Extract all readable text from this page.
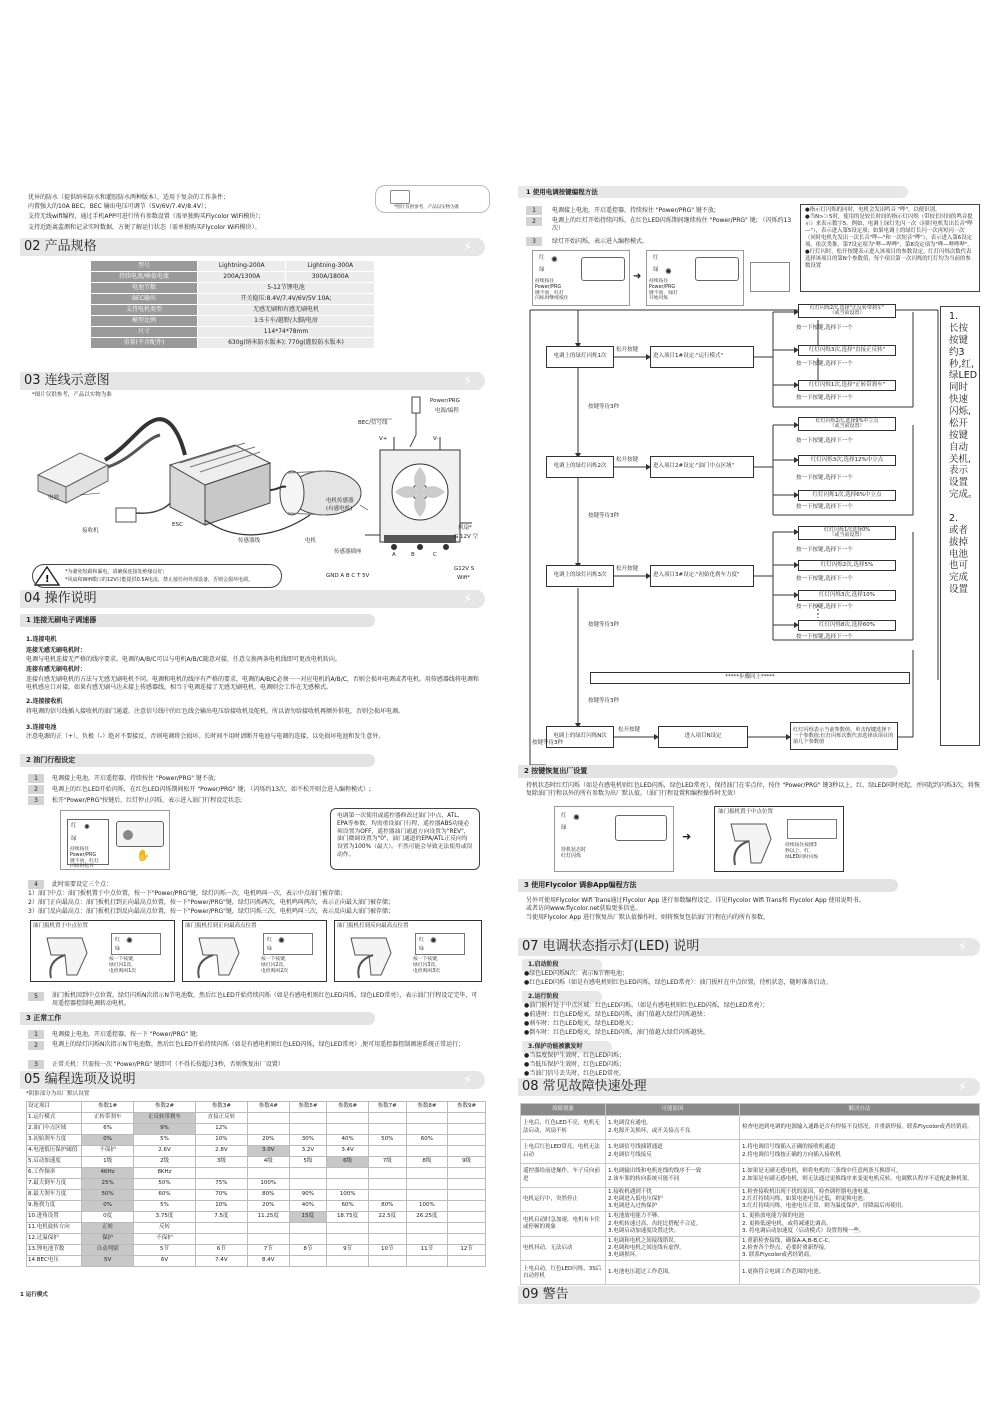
优异的防水（提供纳米防水和灌胶防水两种版本），适用于复杂的工作条件；
内置强大的10A BEC，BEC 输出电压可调节（5V/6V/7.4V/8.4V）；
支持无线wifi编程，通过手机APP可进行所有参数设置（需单独购买Flycolor WiFi模块）；
支持近距离监测和记录实时数据，方便了解运行状态（需单独购买Flycolor WiFi模块）。
*图片仅供参考，产品以实物为准
02 产品规格	⚡
型号	Lightning-200A	Lightning-300A
持续电流/峰值电流	200A/1300A	300A/1800A
电池节数	5-12节锂电池	
BEC输出	开关稳压:8.4V/7.4V/6V/5V 10A;	
支持电机类型	无感无刷和有感无刷电机	
模型比例	1:5卡车/越野/大脚/电房	
尺寸	114*74*78mm	
重量(不含配件)	630g(纳米防水版本); 770g(灌胶防水版本)	
03 连线示意图	⚡
*图片仅供参考，产品以实物为准
Power/PRG
电源/编程
BEC/信号线
V+	V-
电池
接收机
ESC
传感器线	电机
电机传感器
(有感电机)
风扇*
G 12V 空
传感器插座
GND A B C T 5V
A	B	C
G12V S
Wifi*
!
*为避免短路和漏电，请确保连接处绝缘良好;
*风扇和Wifi模口的12V只能提供0.5A电流，禁止接任何外部设备，否则会损坏电调。
04 操作说明	⚡
1 连接无刷电子调速器
1.连接电机
连接无感无刷电机时：
电调与电机连接无严格的线序要求。电调的A/B/C可以与电机A/B/C随意对接，任意交换两条电机线即可更改电机转向。
连接有感无刷电机时：
连接有感无刷电机的方法与无感无刷电机不同。电调和电机的线序有严格的要求，电调的A/B/C必须一一对应电机的A/B/C，否则会损坏电调或者电机。用传感器线将电调和电机感应口对接，如果有感无刷马达未接上传感器线，相当于电调连接了无感无刷电机，电调则会工作在无感模式。
2.连接接收机
将电调的信号线插入接收机的油门通道。注意信号线中的红色线会输出电压给接收机及舵机，所以请勿给接收机再额外供电，否则会损坏电调。
3.连接电池
注意电源的正（+），负极（-）绝对不要接反，否则电调将会损坏。长时间不用时请断开电池与电调的连接，以免损坏电池和发生意外。
2 油门行程设定
1	电调接上电池，开启遥控器，持续按住 "Power/PRG" 键不放;
2	电调上的红色LED开始闪烁，在红色LED闪烁期间松开 "Power/PRG" 键; （闪烁约13次，如不松开则会进入编程模式）;
3	松开"Power/PRG"按键后，红灯停止闪烁，表示进入油门行程设定状态;
红
绿
✺
持续按住
Power/PRG
键不放，红灯
闪烁时松开
✋
电调第一次使用或遥控器修改过油门中点、ATL、EPA等参数，均需重设油门行程，遥控器ABS功能必须设置为OFF，遥控器油门通道方向设置为"REV"，油门微调设置为"0"，油门通道的EPA/ATL正反向均设置为100%（最大）。不然可能会导致无法使用或误动作。
4	此时需要设定三个点：
1）油门中点：油门扳机置于中点位置，按一下"Power/PRG"键，绿灯闪烁一次，电机鸣叫一次，表示中点油门被存储；
2）油门正向最高点：油门扳机打到正向最高点位置，按一下"Power/PRG"键，绿灯闪烁两次，电机鸣叫两次，表示正向最大油门被存储；
3）油门反向最高点：油门扳机打到反向最高点位置，按一下"Power/PRG"键，绿灯闪烁三次，电机鸣叫三次，表示反向最大油门被存储；
油门扳机置于中点位置
红
绿
✺
按一下按键，
绿灯闪1次，
电机鸣叫1次
油门扳机打到正向最高点位置
红
绿
✺
按一下按键，
绿灯闪2次，
电机鸣叫2次
油门扳机打到反向最高点位置
红
绿
✺
按一下按键，
绿灯闪3次，
电机鸣叫3次
5	油门扳机回到中点位置，绿灯闪烁N次指示N节电池数，然后红色LED开始持续闪烁（如是有感电机则红色LED闪烁，绿色LED常亮），表示油门行程设定完毕，可用遥控器控制电调转动电机。
3 正常工作
1	电调接上电池，开启遥控器，按一下 "Power/PRG" 键;
2	电调上的绿灯闪烁N次指示N节电池数，然后红色LED开始持续闪烁（如是有感电机则红色LED闪烁，绿色LED常亮）,便可用遥控器控制调速系统正常运行；
3	正常关机：只需按一次 "Power/PRG" 键即可（不得长按超过3秒，否则恢复出厂设置）
05 编程选项及说明	⚡
*阴影部分为出厂默认设置
设定项目	参数1#	参数2#	参数3#	参数4#	参数5#	参数6#	参数7#	参数8#	参数9#
1.运行模式	正转带刹车	正反转带刹车	直接正反转						
2.油门中点区域	6%	9%	12%						
3.初始刹车力度	0%	5%	10%	20%	30%	40%	50%	60%	
4.电池低压保护阈值	不保护	2.6V	2.8V	3.0V	3.2V	3.4V			
5.启动加速度	1级	2级	3级	4级	5级	6级	7级	8级	9级
6.工作频率	4KHz	8KHz							
7.最大倒车力度	25%	50%	75%	100%					
8.最大刹车力度	50%	60%	70%	80%	90%	100%			
9.拖刹力度	0%	5%	10%	20%	40%	60%	80%	100%	
10.进角设置	0度	3.75度	7.5度	11.25度	15度	18.75度	22.5度	26.25度	
11.电机旋转方向	正转	反转							
12.过温保护	保护	不保护							
13.锂电池节数	自动判别	5节	6节	7节	8节	9节	10节	11节	12节
14.BEC电压	5V	6V	7.4V	8.4V					
1 运行模式
1 使用电调按键编程方法
1	电调接上电池，开启遥控器，持续按住 "Power/PRG" 键不放;
2	电调上的红灯开始持续闪烁，在红色LED闪烁期间继续按住 "Power/PRG" 键; （闪烁约13次）
3	绿灯开始闪烁，表示进入编程模式。
红
绿
✺
持续按住
Power/PRG
键不放，红灯
闪烁时继续按住
➜
红
绿 ✺
持续按住
Power/PRG
键不放，绿灯
开始闪烁
●指示灯闪烁的同时，电机会发出鸣音 "哔"，以便识别。
●当N>＞5时，使用的是较长时间的指示灯闪烁（带较长时间的鸣音提示）来表示数字5。例如，电调上绿灯先闪一次（同时电机发出长音"哔—"），表示进入第5设定项；如果电调上的绿灯长闪一次再短闪一次（同时电机先发出一次长音"哔—"和一次短音"哔"），表示进入第6设定项，依次类推，第7设定项为"哔—哔哔"，第8设定项为"哔—哔哔哔"。
●红灯闪时，松开按键表示进入该项目的参数设定。红灯闪烁次数代表选择该项目的第N个参数值，每个项目第一次闪烁的红灯均为当前的参数设置
电调上的绿灯闪烁1次
电调上的绿灯闪烁2次
电调上的绿灯闪烁3次
电调上的绿灯闪烁N次
松开按键
松开按键
松开按键
松开按键
进入项目1#设定:"运行模式"
进入项目2#设定:"油门中点区域"
进入项目3#设定:"初始化刹车力度"
进入项目N设定
按键等待3秒
按键等待3秒
按键等待3秒
按键等待3秒
按键等待3秒
*****步骤同上*****
红灯闪烁2次,选择"正反转带刹车"
（或当前设置）
按一下按键,选择下一个
红灯闪烁3次,选择"直接正反转"
按一下按键,选择下一个
红灯闪烁1次,选择"正转带刹车"
按一下按键,选择下一个
红灯闪烁2次,选择9%中立点
（或当前设置）
按一下按键,选择下一个
红灯闪烁3次,选择12%中立点
按一下按键,选择下一个
红灯闪烁1次,选择6%中立点
按一下按键,选择下一个
红灯闪烁1次选择0%
（或当前设置）
按一下按键,选择下一个
红灯闪烁2次,选择5%
按一下按键,选择下一个
红灯闪烁3次,选择10%
按一下按键,选择下一个
红灯闪烁8次,选择60%
按一下按键,选择下一个
红灯闪烁表示当前参数值，单击按键选择下一个参数值;红灯闪烁次数代表选择该项目的第几个参数值
1.
长按
按键
约3
秒,红,
绿LED
同时
快速
闪烁,
松开
按键
自动
关机,
表示
设置
完成。

2.
或者
拔掉
电池
也可
完成
设置
2 按键恢复出厂设置
持机状态时红灯闪烁（如是有感电机则红色LED闪烁，绿色LED常亮），保持油门在零点位，按住 "Power/PRG" 键3秒以上，红、绿LED同时亮起，并同起约闪烁3次，将恢复除油门行程以外的所有参数为出厂默认值。（油门行程设置和编程操作时无效）
红
绿
✺
待机状态时
红灯闪烁
➜
油门扳机置于中点位置
持续按住按键3
秒以上，红、
绿LED同时闪烁
3 使用Flycolor 调参App编程方法
另外可使用Flycolor Wifi Trans通过Flycolor App 进行参数编程设定。详见Flycolor Wifi Trans和 Flycolor App 使用说明书。
或者访问www.flycolor.net获取更多信息。
当使用Flycolor App 进行恢复出厂默认值操作时，则将恢复包括油门行程在内的所有参数。
07 电调状态指示灯(LED) 说明	⚡
1.启动阶段
●绿色LED闪烁N次：表示N节锂电池；
●红色LED闪烁（如是有感电机则红色LED闪烁，绿色LED常亮）：油门扳杆在中点位置，待机状态，随时准备启动。
2.运行阶段
●油门扳杆处于中点区域：红色LED闪烁。（如是有感电机则红色LED闪烁，绿色LED常亮）；
●前进时：红色LED熄灭，绿色LED闪烁，油门值越大绿灯闪烁越快；
●刹车时：红色LED熄灭，绿色LED熄灭；
●倒车时：红色LED熄灭，绿色LED闪烁，油门值越大绿灯闪烁越快。
3.保护功能被激发时
●当温度保护生效时，红色LED闪烁；
●当低压保护生效时，红色LED闪烁；
●当油门信号丢失时，红色LED常亮。
08 常见故障快速处理	⚡
故障现象	可能原因	解决办法
上电后，红色LED不亮，电机无法启动，风扇不转	1.电调没有通电。
2.电源开关损坏，或开关接点不良	检查电池到电调的电源输入通路是否有焊接不良情况，并重新焊接。联系Flycolor或者经销商。
上电后红色LED常亮，电机无法启动	1.电调信号线插错通道
2.电调信号线接反	1.将电调信号线插入正确的接收机通道
2.将电调信号线按正确的方向插入接收机
遥控器给前进操作，车子反向前进	1.电调输出线和电机连线的线序不一致
2.该车架的转向系统可能不同	1.如果是无刷无感电机，则将电机的三条线中任意两条互换即可。
2.如果是有刷无感电机，则无法通过更换线序来变更电机反转，电调默认程序不适配此种机架。
电机运行中，突然停止	1.接收机遇到干扰
2.电调进入低电压保护
3.电调进入过热保护	1.检查接收机出现干扰的原因，检查调控器电池电量。
2.红灯持续闪烁，如果电池电压过低，则更换电池。
3.红灯持续闪烁，电池电压正常，则为温度保护，待降温后再使用。
电机启动时急加速，电机有卡住或停顿的现象	1.电池放电能力不够。
2.电机转速过高，齿轮比搭配不合适。
3.电调启动加速度设置过快。	1. 更换放电能力强的电池
2. 更换低速电机，或将减速比调高。
3. 将电调启动加速度（启动模式）设置得慢一些。
电机抖动，无法启动	1.电调和电机之间接线错误。
2.电调和电机之间连线有虚焊。
3.电调损坏。	1.重新检查接线，确保A-A,B-B,C-C。
2.检查各个焊点，必要时重新焊接。
3. 联系Flycolor或者经销商。
上电启动，红色LED闪烁，3S后自动停机	1.电池电压超过工作范围。	1.更换符合电调工作范围的电池。
09 警告
